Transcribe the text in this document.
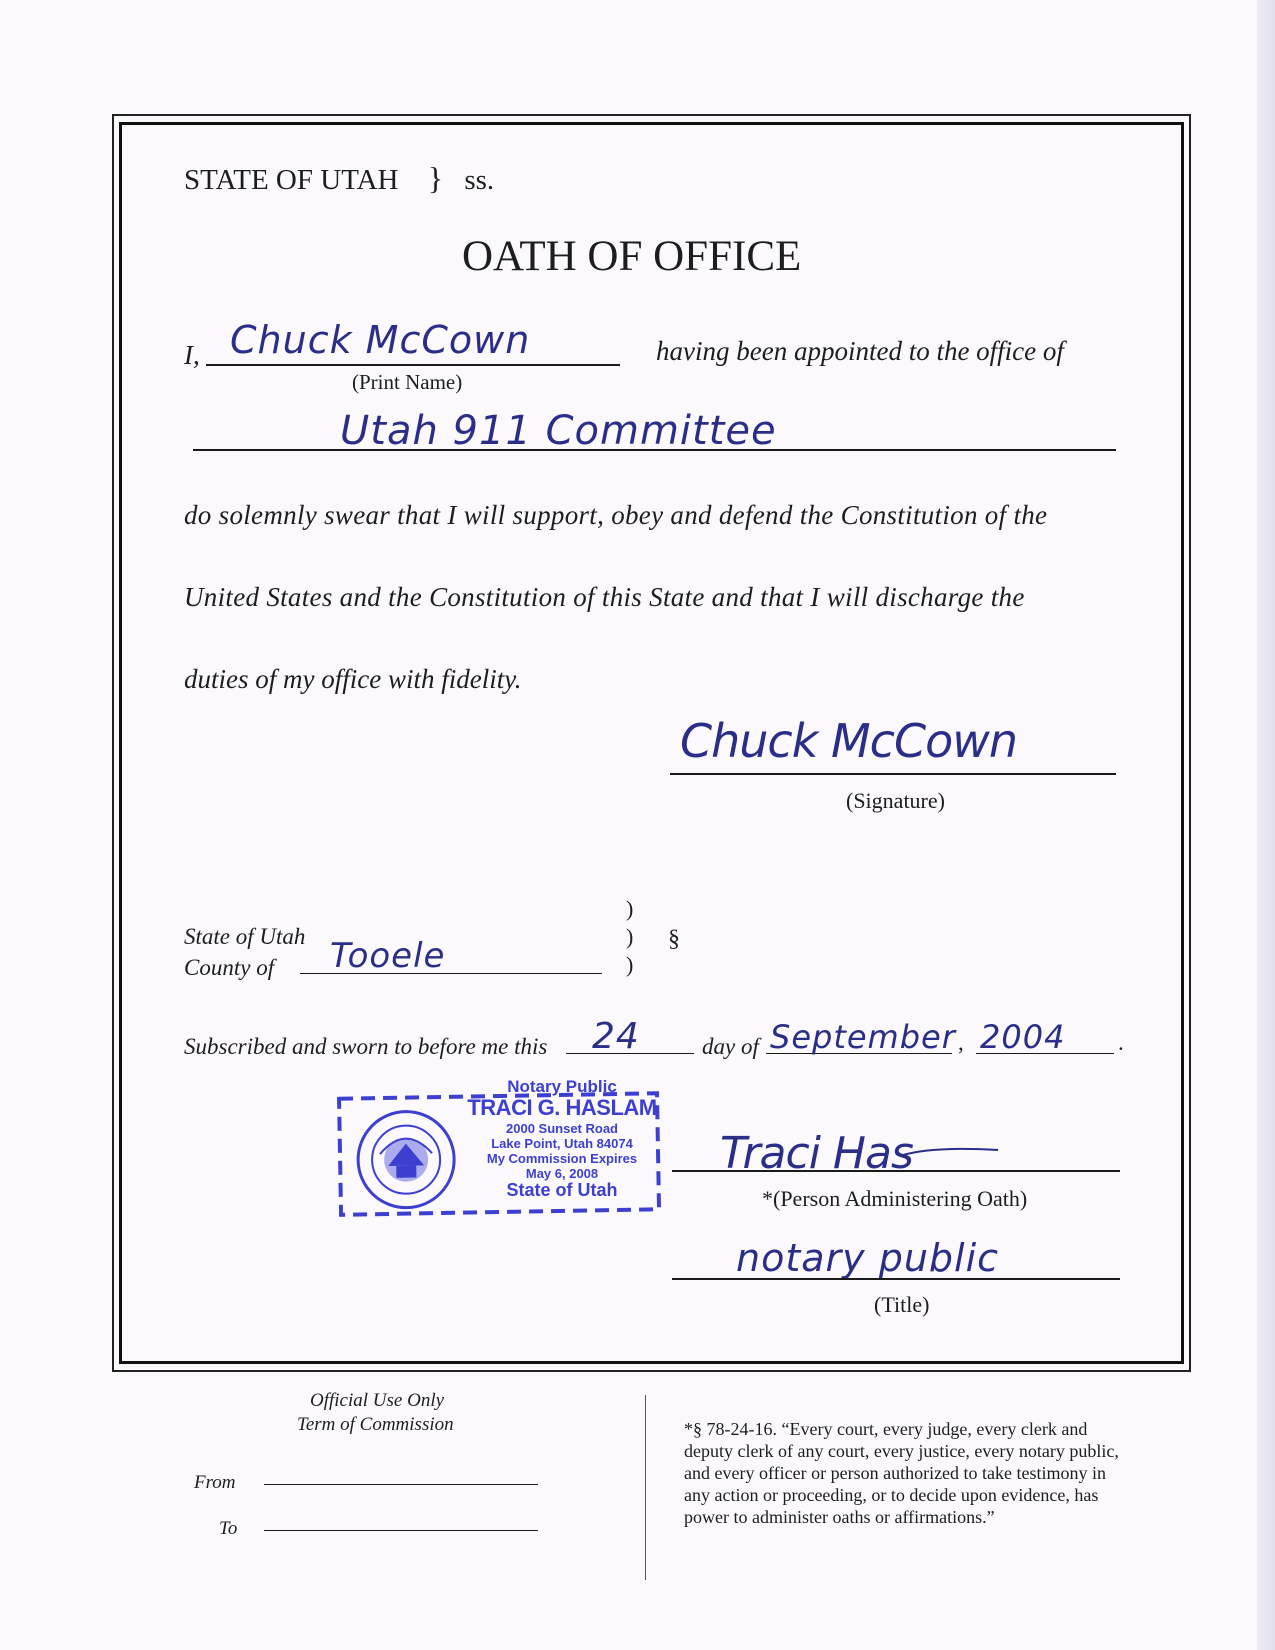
STATE OF UTAH } ss.
OATH OF OFFICE
I, Chuck McCown
(Print Name)
having been appointed to the office of
Utah 911 Committee
do solemnly swear that I will support, obey and defend the Constitution of the
United States and the Constitution of this State and that I will discharge the
duties of my office with fidelity.
Chuck McCown
(Signature)
State of Utah
County of Tooele
)
)
)
§
Subscribed and sworn to before me this 24	day of September , 2004 .
Notary Public
TRACI G. HASLAM
2000 Sunset Road
Lake Point, Utah 84074
My Commission Expires
May 6, 2008
State of Utah
Traci Has
*(Person Administering Oath)
notary public
(Title)
Official Use Only
Term of Commission
From
To
*§ 78-24-16. “Every court, every judge, every clerk and
deputy clerk of any court, every justice, every notary public,
and every officer or person authorized to take testimony in
any action or proceeding, or to decide upon evidence, has
power to administer oaths or affirmations.”
